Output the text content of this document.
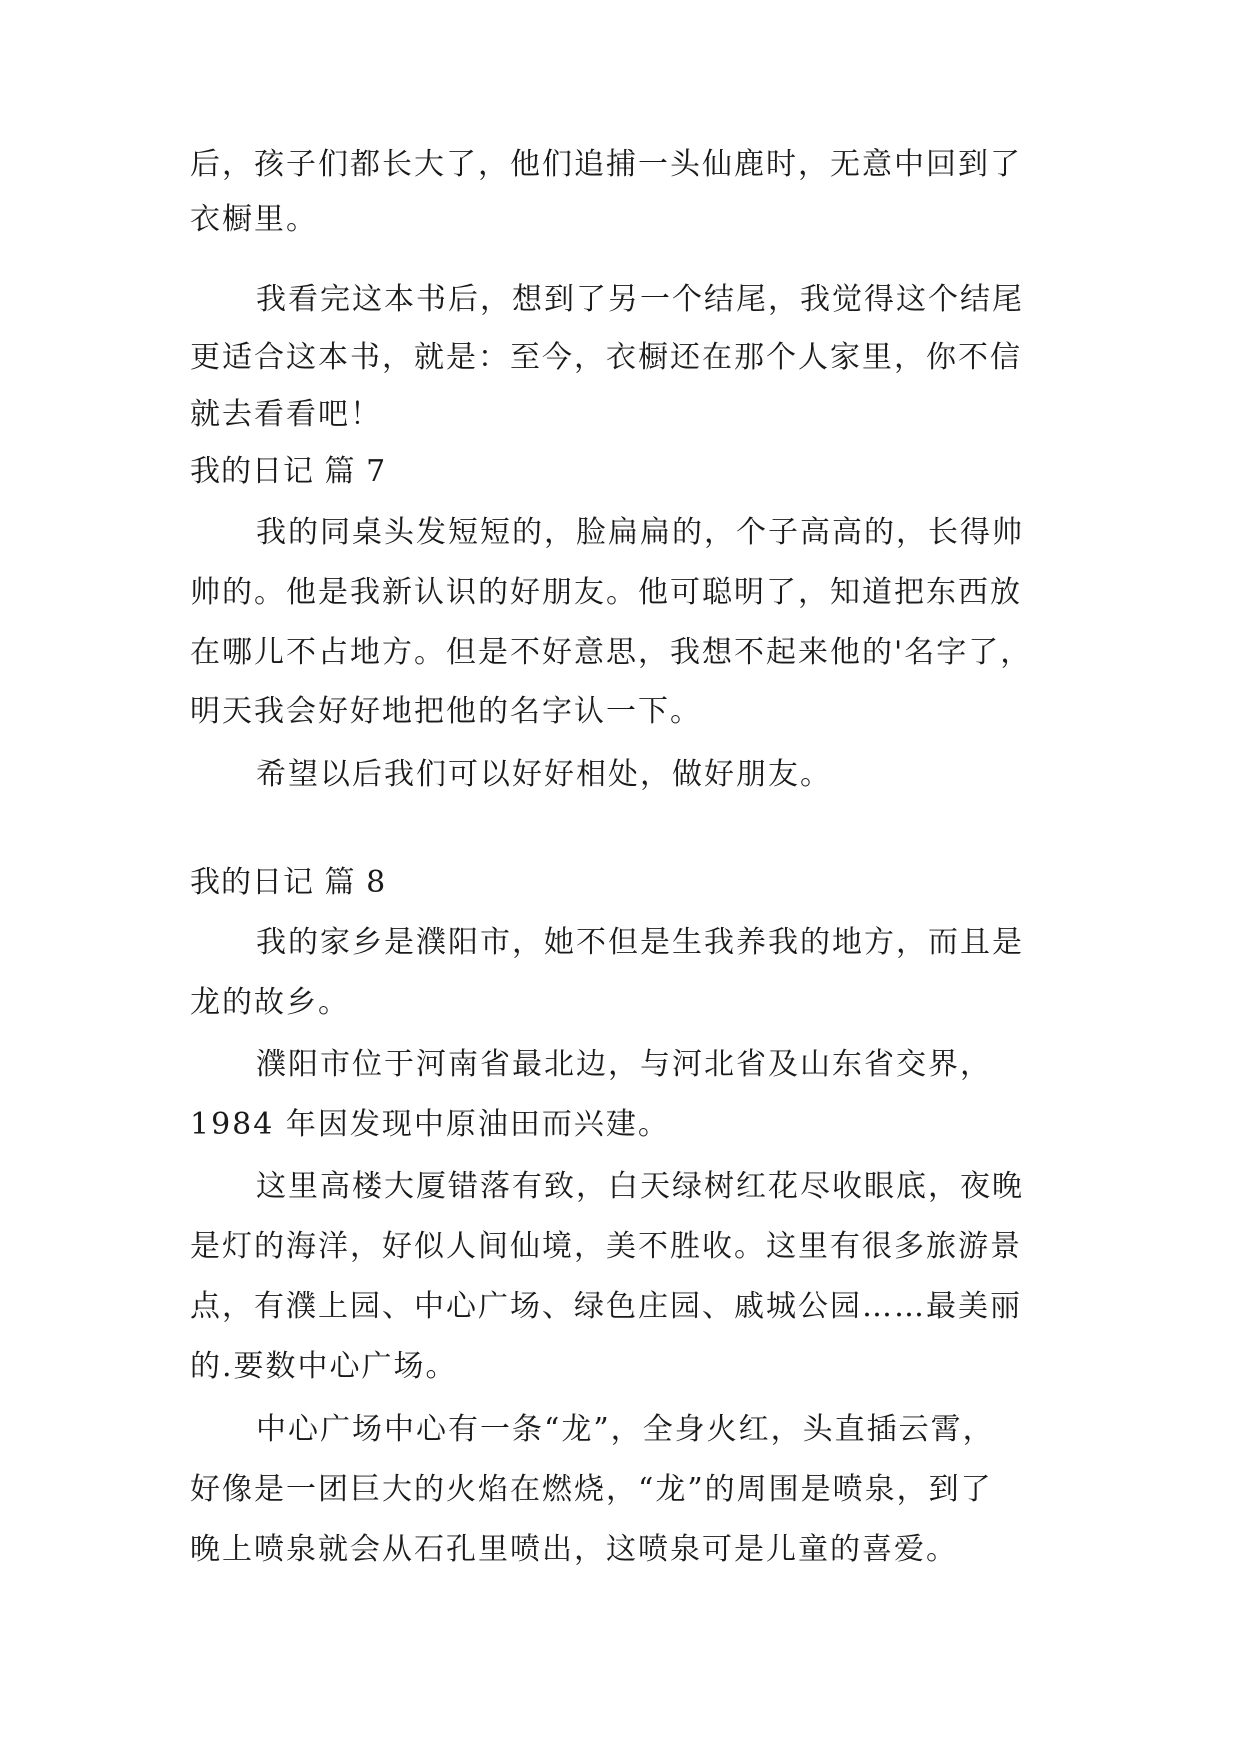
后，孩子们都长大了，他们追捕一头仙鹿时，无意中回到了
衣橱里。
我看完这本书后，想到了另一个结尾，我觉得这个结尾
更适合这本书，就是：至今，衣橱还在那个人家里，你不信
就去看看吧！
我的日记 篇 7
我的同桌头发短短的，脸扁扁的，个子高高的，长得帅
帅的。他是我新认识的好朋友。他可聪明了，知道把东西放
在哪儿不占地方。但是不好意思，我想不起来他的'名字了，
明天我会好好地把他的名字认一下。
希望以后我们可以好好相处，做好朋友。
我的日记 篇 8
我的家乡是濮阳市，她不但是生我养我的地方，而且是
龙的故乡。
濮阳市位于河南省最北边，与河北省及山东省交界，
1984 年因发现中原油田而兴建。
这里高楼大厦错落有致，白天绿树红花尽收眼底，夜晚
是灯的海洋，好似人间仙境，美不胜收。这里有很多旅游景
点，有濮上园、中心广场、绿色庄园、戚城公园……最美丽
的.要数中心广场。
中心广场中心有一条“龙”，全身火红，头直插云霄，
好像是一团巨大的火焰在燃烧，“龙”的周围是喷泉，到了
晚上喷泉就会从石孔里喷出，这喷泉可是儿童的喜爱。
